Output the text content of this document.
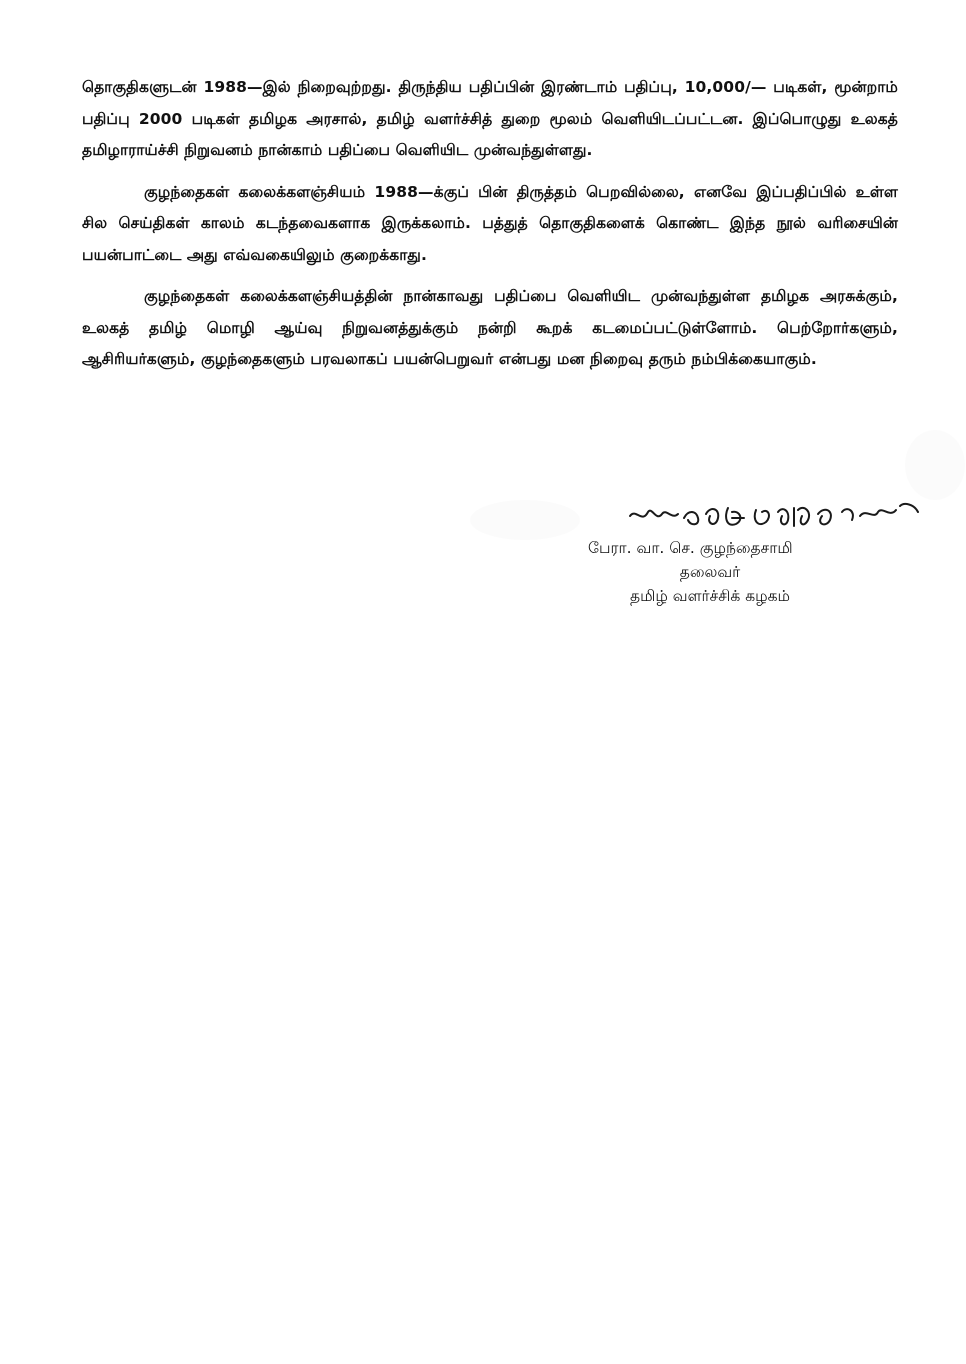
தொகுதிகளுடன் 1988—இல் நிறைவுற்றது. திருந்திய பதிப்பின் இரண்டாம் பதிப்பு, 10,000/— படிகள், மூன்றாம் பதிப்பு 2000 படிகள் தமிழக அரசால், தமிழ் வளர்ச்சித் துறை மூலம் வெளியிடப்பட்டன. இப்பொழுது உலகத் தமிழாராய்ச்சி நிறுவனம் நான்காம் பதிப்பை வெளியிட முன்வந்துள்ளது.

குழந்தைகள் கலைக்களஞ்சியம் 1988—க்குப் பின் திருத்தம் பெறவில்லை, எனவே இப்பதிப்பில் உள்ள சில செய்திகள் காலம் கடந்தவைகளாக இருக்கலாம். பத்துத் தொகுதிகளைக் கொண்ட இந்த நூல் வரிசையின் பயன்பாட்டை அது எவ்வகையிலும் குறைக்காது.

குழந்தைகள் கலைக்களஞ்சியத்தின் நான்காவது பதிப்பை வெளியிட முன்வந்துள்ள தமிழக அரசுக்கும், உலகத் தமிழ் மொழி ஆய்வு நிறுவனத்துக்கும் நன்றி கூறக் கடமைப்பட்டுள்ளோம். பெற்றோர்களும், ஆசிரியர்களும், குழந்தைகளும் பரவலாகப் பயன்பெறுவர் என்பது மன நிறைவு தரும் நம்பிக்கையாகும்.

பேரா. வா. செ. குழந்தைசாமி
தலைவர்
தமிழ் வளர்ச்சிக் கழகம்
